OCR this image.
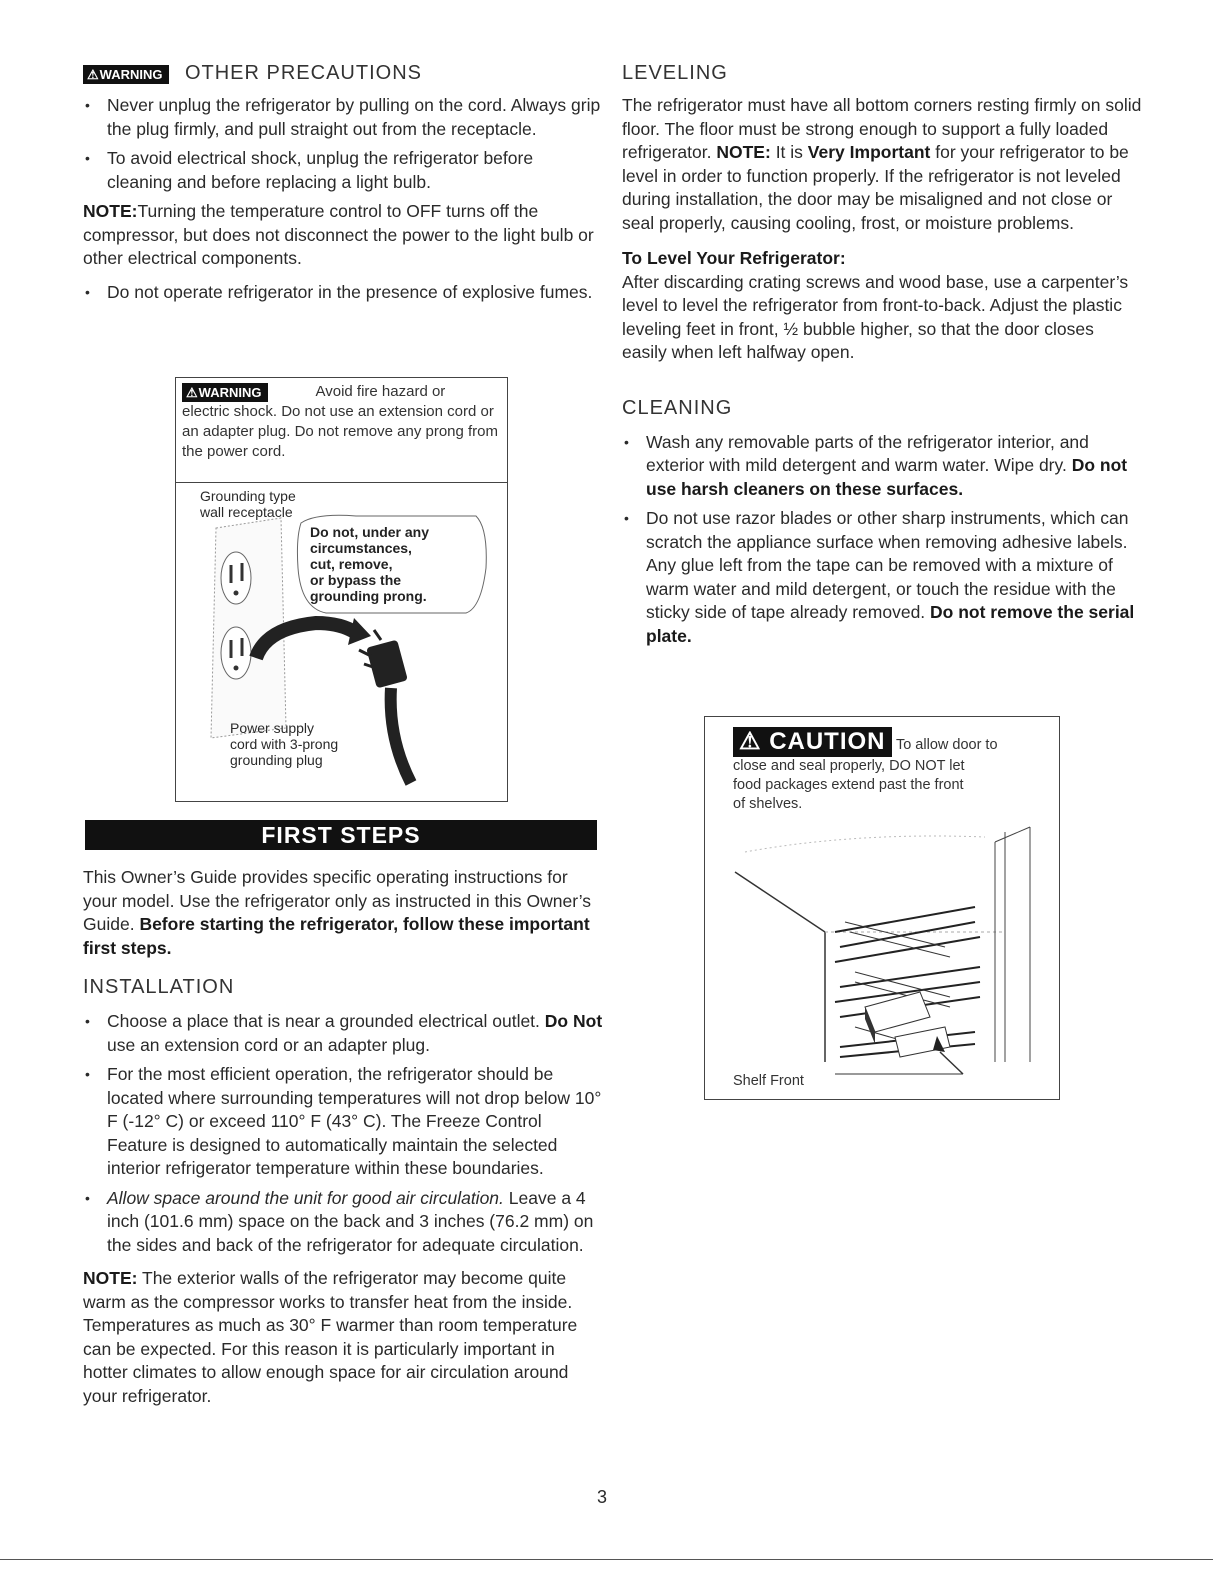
⚠WARNING OTHER PRECAUTIONS
• Never unplug the refrigerator by pulling on the cord. Always grip the plug firmly, and pull straight out from the receptacle.
• To avoid electrical shock, unplug the refrigerator before cleaning and before replacing a light bulb.

NOTE:Turning the temperature control to OFF turns off the compressor, but does not disconnect the power to the light bulb or other electrical components.

• Do not operate refrigerator in the presence of explosive fumes.

This Owner’s Guide provides specific operating instructions for your model. Use the refrigerator only as instructed in this Owner’s Guide. Before starting the refrigerator, follow these important first steps.

INSTALLATION
• Choose a place that is near a grounded electrical outlet. Do Not use an extension cord or an adapter plug.
• For the most efficient operation, the refrigerator should be located where surrounding temperatures will not drop below 10° F (-12° C) or exceed 110° F (43° C). The Freeze Control Feature is designed to automatically maintain the selected interior refrigerator temperature within these boundaries.
• Allow space around the unit for good air circulation. Leave a 4 inch (101.6 mm) space on the back and 3 inches (76.2 mm) on the sides and back of the refrigerator for adequate circulation.

NOTE: The exterior walls of the refrigerator may become quite warm as the compressor works to transfer heat from the inside. Temperatures as much as 30° F warmer than room temperature can be expected. For this reason it is particularly important in hotter climates to allow enough space for air circulation around your refrigerator.

⚠WARNING	Avoid fire hazard or
electric shock. Do not use an extension cord or an adapter plug. Do not remove any prong from the power cord.
Grounding type
wall receptacle
Do not, under any
circumstances,
cut, remove,
or bypass the
grounding prong.
Power supply
cord with 3-prong
grounding plug
FIRST STEPS
LEVELING

The refrigerator must have all bottom corners resting firmly on solid floor. The floor must be strong enough to support a fully loaded refrigerator. NOTE: It is Very Important for your refrigerator to be level in order to function properly. If the refrigerator is not leveled during installation, the door may be misaligned and not close or seal properly, causing cooling, frost, or moisture problems.

To Level Your Refrigerator:

After discarding crating screws and wood base, use a carpenter’s level to level the refrigerator from front-to-back. Adjust the plastic leveling feet in front, ½ bubble higher, so that the door closes easily when left halfway open.

CLEANING
• Wash any removable parts of the refrigerator interior, and exterior with mild detergent and warm water. Wipe dry. Do not use harsh cleaners on these surfaces.
• Do not use razor blades or other sharp instruments, which can scratch the appliance surface when removing adhesive labels. Any glue left from the tape can be removed with a mixture of warm water and mild detergent, or touch the residue with the sticky side of tape already removed. Do not remove the serial plate.
⚠ CAUTION To allow door to
close and seal properly, DO NOT let
food packages extend past the front
of shelves.
Shelf Front
3
